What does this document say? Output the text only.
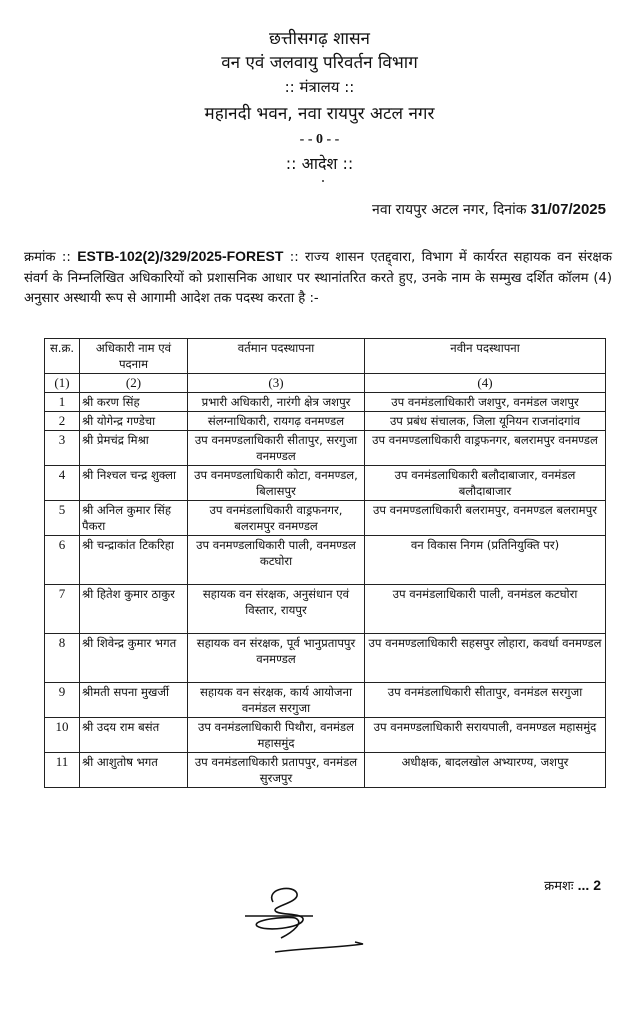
छत्तीसगढ़ शासन
वन एवं जलवायु परिवर्तन विभाग
:: मंत्रालय ::
महानदी भवन, नवा रायपुर अटल नगर
- - 0 - -
:: आदेश ::
नवा रायपुर अटल नगर, दिनांक 31/07/2025
क्रमांक :: ESTB-102(2)/329/2025-FOREST :: राज्य शासन एतद्द्वारा, विभाग में कार्यरत सहायक वन संरक्षक संवर्ग के निम्नलिखित अधिकारियों को प्रशासनिक आधार पर स्थानांतरित करते हुए, उनके नाम के सम्मुख दर्शित कॉलम (4) अनुसार अस्थायी रूप से आगामी आदेश तक पदस्थ करता है :-
स.क्र.	अधिकारी नाम एवं पदनाम	वर्तमान पदस्थापना	नवीन पदस्थापना
(1)	(2)	(3)	(4)
1	श्री करण सिंह	प्रभारी अधिकारी, नारंगी क्षेत्र जशपुर	उप वनमंडलाधिकारी जशपुर, वनमंडल जशपुर
2	श्री योगेन्द्र गण्डेचा	संलग्नाधिकारी, रायगढ़ वनमण्डल	उप प्रबंध संचालक, जिला यूनियन राजनांदगांव
3	श्री प्रेमचंद्र मिश्रा	उप वनमण्डलाधिकारी सीतापुर, सरगुजा वनमण्डल	उप वनमण्डलाधिकारी वाड्रफनगर, बलरामपुर वनमण्डल
4	श्री निश्चल चन्द्र शुक्ला	उप वनमण्डलाधिकारी कोटा, वनमण्डल, बिलासपुर	उप वनमंडलाधिकारी बलौदाबाजार, वनमंडल बलौदाबाजार
5	श्री अनिल कुमार सिंह पैकरा	उप वनमंडलाधिकारी वाड्रफनगर, बलरामपुर वनमण्डल	उप वनमण्डलाधिकारी बलरामपुर, वनमण्डल बलरामपुर
6	श्री चन्द्राकांत टिकरिहा	उप वनमण्डलाधिकारी पाली, वनमण्डल कटघोरा	वन विकास निगम (प्रतिनियुक्ति पर)
7	श्री हितेश कुमार ठाकुर	सहायक वन संरक्षक, अनुसंधान एवं विस्तार, रायपुर	उप वनमंडलाधिकारी पाली, वनमंडल कटघोरा
8	श्री शिवेन्द्र कुमार भगत	सहायक वन संरक्षक, पूर्व भानुप्रतापपुर वनमण्डल	उप वनमण्डलाधिकारी सहसपुर लोहारा, कवर्धा वनमण्डल
9	श्रीमती सपना मुखर्जी	सहायक वन संरक्षक, कार्य आयोजना वनमंडल सरगुजा	उप वनमंडलाधिकारी सीतापुर, वनमंडल सरगुजा
10	श्री उदय राम बसंत	उप वनमंडलाधिकारी पिथौरा, वनमंडल महासमुंद	उप वनमण्डलाधिकारी सरायपाली, वनमण्डल महासमुंद
11	श्री आशुतोष भगत	उप वनमंडलाधिकारी प्रतापपुर, वनमंडल सुरजपुर	अधीक्षक, बादलखोल अभ्यारण्य, जशपुर
क्रमशः ... 2
